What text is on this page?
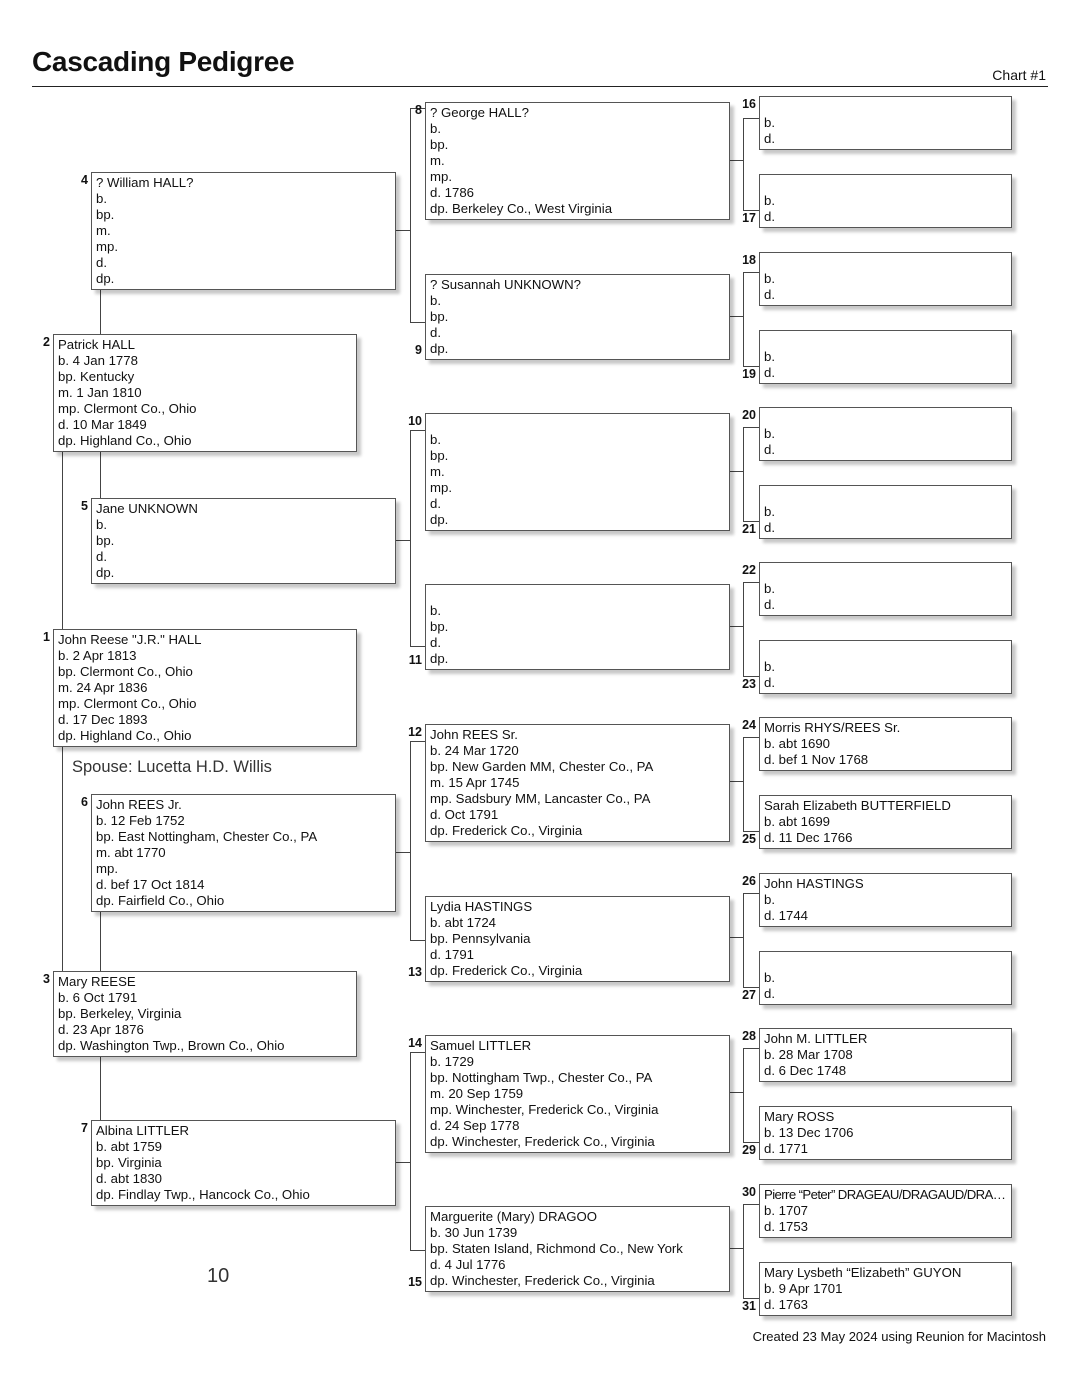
Cascading Pedigree	Chart #1
John Reese "J.R." HALL
b. 2 Apr 1813
bp. Clermont Co., Ohio
m. 24 Apr 1836
mp. Clermont Co., Ohio
d. 17 Dec 1893
dp. Highland Co., Ohio
1
Patrick HALL
b. 4 Jan 1778
bp. Kentucky
m. 1 Jan 1810
mp. Clermont Co., Ohio
d. 10 Mar 1849
dp. Highland Co., Ohio
2
Mary REESE
b. 6 Oct 1791
bp. Berkeley, Virginia
d. 23 Apr 1876
dp. Washington Twp., Brown Co., Ohio
3
? William HALL?
b.
bp.
m.
mp.
d.
dp.
4
Jane UNKNOWN
b.
bp.
d.
dp.
5
John REES Jr.
b. 12 Feb 1752
bp. East Nottingham, Chester Co., PA
m. abt 1770
mp.
d. bef 17 Oct 1814
dp. Fairfield Co., Ohio
6
Albina LITTLER
b. abt 1759
bp. Virginia
d. abt 1830
dp. Findlay Twp., Hancock Co., Ohio
7
? George HALL?
b.
bp.
m.
mp.
d. 1786
dp. Berkeley Co., West Virginia
8
? Susannah UNKNOWN?
b.
bp.
d.
dp.
9

b.
bp.
m.
mp.
d.
dp.
10

b.
bp.
d.
dp.
11
John REES Sr.
b. 24 Mar 1720
bp. New Garden MM, Chester Co., PA
m. 15 Apr 1745
mp. Sadsbury MM, Lancaster Co., PA
d. Oct 1791
dp. Frederick Co., Virginia
12
Lydia HASTINGS
b. abt 1724
bp. Pennsylvania
d. 1791
dp. Frederick Co., Virginia
13
Samuel LITTLER
b. 1729
bp. Nottingham Twp., Chester Co., PA
m. 20 Sep 1759
mp. Winchester, Frederick Co., Virginia
d. 24 Sep 1778
dp. Winchester, Frederick Co., Virginia
14
Marguerite (Mary) DRAGOO
b. 30 Jun 1739
bp. Staten Island, Richmond Co., New York
d. 4 Jul 1776
dp. Winchester, Frederick Co., Virginia
15

b.
d.
16

b.
d.
17

b.
d.
18

b.
d.
19

b.
d.
20

b.
d.
21

b.
d.
22

b.
d.
23
Morris RHYS/REES Sr.
b. abt 1690
d. bef 1 Nov 1768
24
Sarah Elizabeth BUTTERFIELD
b. abt 1699
d. 11 Dec 1766
25
John HASTINGS
b.
d. 1744
26

b.
d.
27
John M. LITTLER
b. 28 Mar 1708
d. 6 Dec 1748
28
Mary ROSS
b. 13 Dec 1706
d. 1771
29
Pierre “Peter” DRAGEAU/DRAGAUD/DRA…
b. 1707
d. 1753
30
Mary Lysbeth “Elizabeth” GUYON
b. 9 Apr 1701
d. 1763
31
Spouse: Lucetta H.D. Willis
10
Created 23 May 2024 using Reunion for Macintosh
